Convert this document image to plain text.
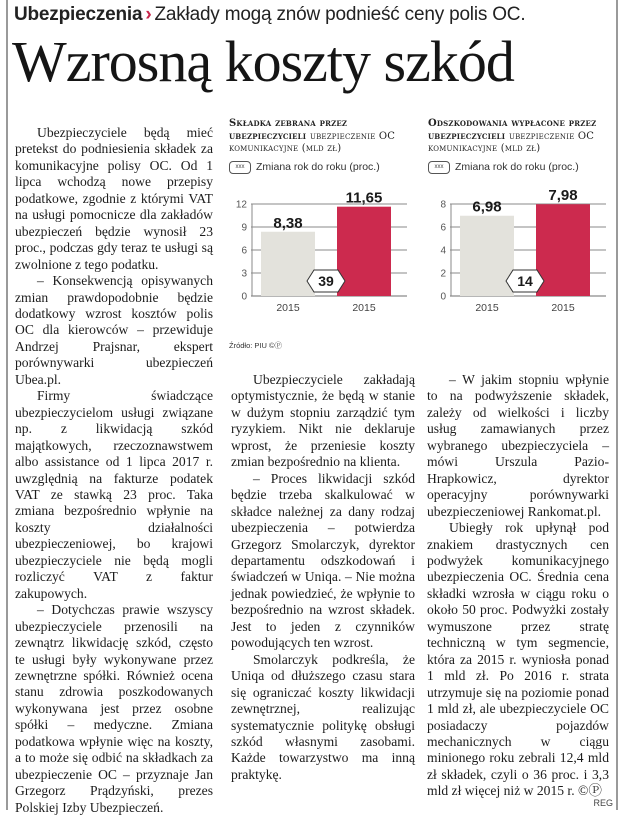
Ubezpieczenia › Zakłady mogą znów podnieść ceny polis OC.
Wzrosną koszty szkód
Składka zebrana przez ubezpieczycieli ubezpieczenie OC komunikacyjne (mld zł)
xxx	Zmiana rok do roku (proc.)
0
3
6
9
12
8,38
2015
11,65
2015
39
Odszkodowania wypłacone przez ubezpieczycieli ubezpieczenie OC komunikacyjne (mld zł)
xxx	Zmiana rok do roku (proc.)
0
2
4
6
8 6,98
2015
7,98
2015
14
Źródło: PIU ©Ⓟ

Ubezpieczyciele będą mieć pretekst do podniesienia składek za komunikacyjne polisy OC. Od 1 lipca wchodzą nowe przepisy podatkowe, zgodnie z którymi VAT na usługi pomocnicze dla zakładów ubezpieczeń będzie wynosił 23 proc., podczas gdy teraz te usługi są zwolnione z tego podatku.

– Konsekwencją opisywanych zmian prawdopodobnie będzie dodatkowy wzrost kosztów polis OC dla kierowców – przewiduje Andrzej Prajsnar, ekspert porównywarki ubezpieczeń Ubea.pl.

Firmy świadczące ubezpieczycielom usługi związane np. z likwidacją szkód majątkowych, rzeczoznawstwem albo assistance od 1 lipca 2017 r. uwzględnią na fakturze podatek VAT ze stawką 23 proc. Taka zmiana bezpośrednio wpłynie na koszty działalności ubezpieczeniowej, bo krajowi ubezpieczyciele nie będą mogli rozliczyć VAT z faktur zakupowych.

– Dotychczas prawie wszyscy ubezpieczyciele przenosili na zewnątrz likwidację szkód, często te usługi były wykonywane przez zewnętrzne spółki. Również ocena stanu zdrowia poszkodowanych wykonywana jest przez osobne spółki – medyczne. Zmiana podatkowa wpłynie więc na koszty, a to może się odbić na składkach za ubezpieczenie OC – przyznaje Jan Grzegorz Prądzyński, prezes Polskiej Izby Ubezpieczeń.

Ubezpieczyciele zakładają optymistycznie, że będą w stanie w dużym stopniu zarządzić tym ryzykiem. Nikt nie deklaruje wprost, że przeniesie koszty zmian bezpośrednio na klienta.

– Proces likwidacji szkód będzie trzeba skalkulować w składce należnej za dany rodzaj ubezpieczenia – potwierdza Grzegorz Smolarczyk, dyrektor departamentu odszkodowań i świadczeń w Uniqa. – Nie można jednak powiedzieć, że wpłynie to bezpośrednio na wzrost składek. Jest to jeden z czynników powodujących ten wzrost.

Smolarczyk podkreśla, że Uniqa od dłuższego czasu stara się ograniczać koszty likwidacji zewnętrznej, realizując systematycznie politykę obsługi szkód własnymi zasobami. Każde towarzystwo ma inną praktykę.

– W jakim stopniu wpłynie to na podwyższenie składek, zależy od wielkości i liczby usług zamawianych przez wybranego ubezpieczyciela – mówi Urszula Pazio-Hrapkowicz, dyrektor operacyjny porównywarki ubezpieczeniowej Rankomat.pl.

Ubiegły rok upłynął pod znakiem drastycznych cen podwyżek komunikacyjnego ubezpieczenia OC. Średnia cena składki wzrosła w ciągu roku o około 50 proc. Podwyżki zostały wymuszone przez stratę techniczną w tym segmencie, która za 2015 r. wyniosła ponad 1 mld zł. Po 2016 r. strata utrzymuje się na poziomie ponad 1 mld zł, ale ubezpieczyciele OC posiadaczy pojazdów mechanicznych w ciągu minionego roku zebrali 12,4 mld zł składek, czyli o 36 proc. i 3,3 mld zł więcej niż w 2015 r. ©Ⓟ

REG
